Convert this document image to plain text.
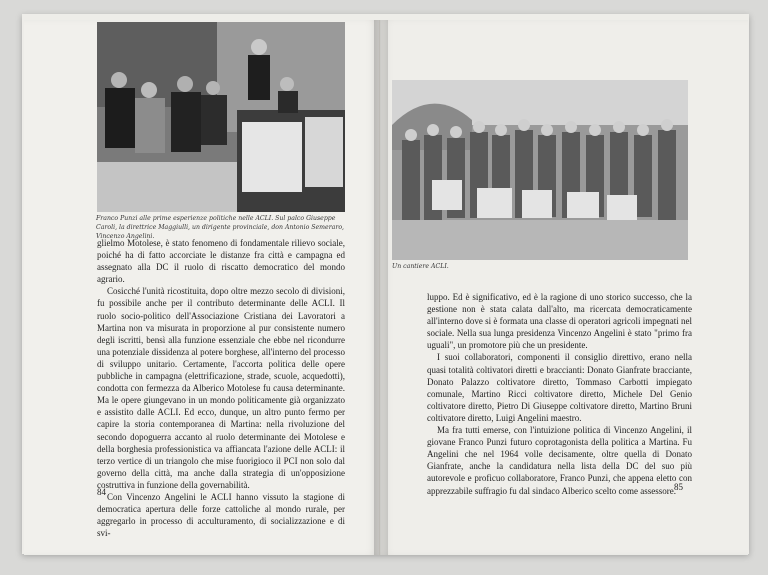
Franco Punzi alle prime esperienze politiche nelle ACLI. Sul palco Giuseppe Caroli, la direttrice Maggiulli, un dirigente provinciale, don Antonio Semeraro, Vincenzo Angelini.

glielmo Motolese, è stato fenomeno di fondamentale rilievo sociale, poiché ha di fatto accorciate le distanze fra città e campagna ed assegnato alla DC il ruolo di riscatto democratico del mondo agrario.

Cosicché l'unità ricostituita, dopo oltre mezzo secolo di divisioni, fu possibile anche per il contributo determinante delle ACLI. Il ruolo socio-politico dell'Associazione Cristiana dei Lavoratori a Martina non va misurata in proporzione al pur consistente numero degli iscritti, bensì alla funzione essenziale che ebbe nel ricondurre una potenziale dissidenza al potere borghese, all'interno del processo di sviluppo unitario. Certamente, l'accorta politica delle opere pubbliche in campagna (elettrificazione, strade, scuole, acquedotti), condotta con fermezza da Alberico Motolese fu causa determinante. Ma le opere giungevano in un mondo politicamente già organizzato e assistito dalle ACLI. Ed ecco, dunque, un altro punto fermo per capire la storia contemporanea di Martina: nella rivoluzione del secondo dopoguerra accanto al ruolo determinante dei Motolese e della borghesia professionistica va affiancata l'azione delle ACLI: il terzo vertice di un triangolo che mise fuorigioco il PCI non solo dal governo della città, ma anche dalla strategia di un'opposizione costruttiva in funzione della governabilità.

Con Vincenzo Angelini le ACLI hanno vissuto la stagione di democratica apertura delle forze cattoliche al mondo rurale, per aggregarlo in processo di acculturamento, di socializzazione e di svi-

84
Un cantiere ACLI.

luppo. Ed è significativo, ed è la ragione di uno storico successo, che la gestione non è stata calata dall'alto, ma ricercata democraticamente all'interno dove si è formata una classe di operatori agricoli impegnati nel sociale. Nella sua lunga presidenza Vincenzo Angelini è stato "primo fra uguali", un promotore più che un presidente.

I suoi collaboratori, componenti il consiglio direttivo, erano nella quasi totalità coltivatori diretti e braccianti: Donato Gianfrate bracciante, Donato Palazzo coltivatore diretto, Tommaso Carbotti impiegato comunale, Martino Ricci coltivatore diretto, Michele Del Genio coltivatore diretto, Pietro Di Giuseppe coltivatore diretto, Martino Bruni coltivatore diretto, Luigi Angelini maestro.

Ma fra tutti emerse, con l'intuizione politica di Vincenzo Angelini, il giovane Franco Punzi futuro coprotagonista della politica a Martina. Fu Angelini che nel 1964 volle decisamente, oltre quella di Donato Gianfrate, anche la candidatura nella lista della DC del suo più autorevole e proficuo collaboratore, Franco Punzi, che appena eletto con apprezzabile suffragio fu dal sindaco Alberico scelto come assessore.

85
